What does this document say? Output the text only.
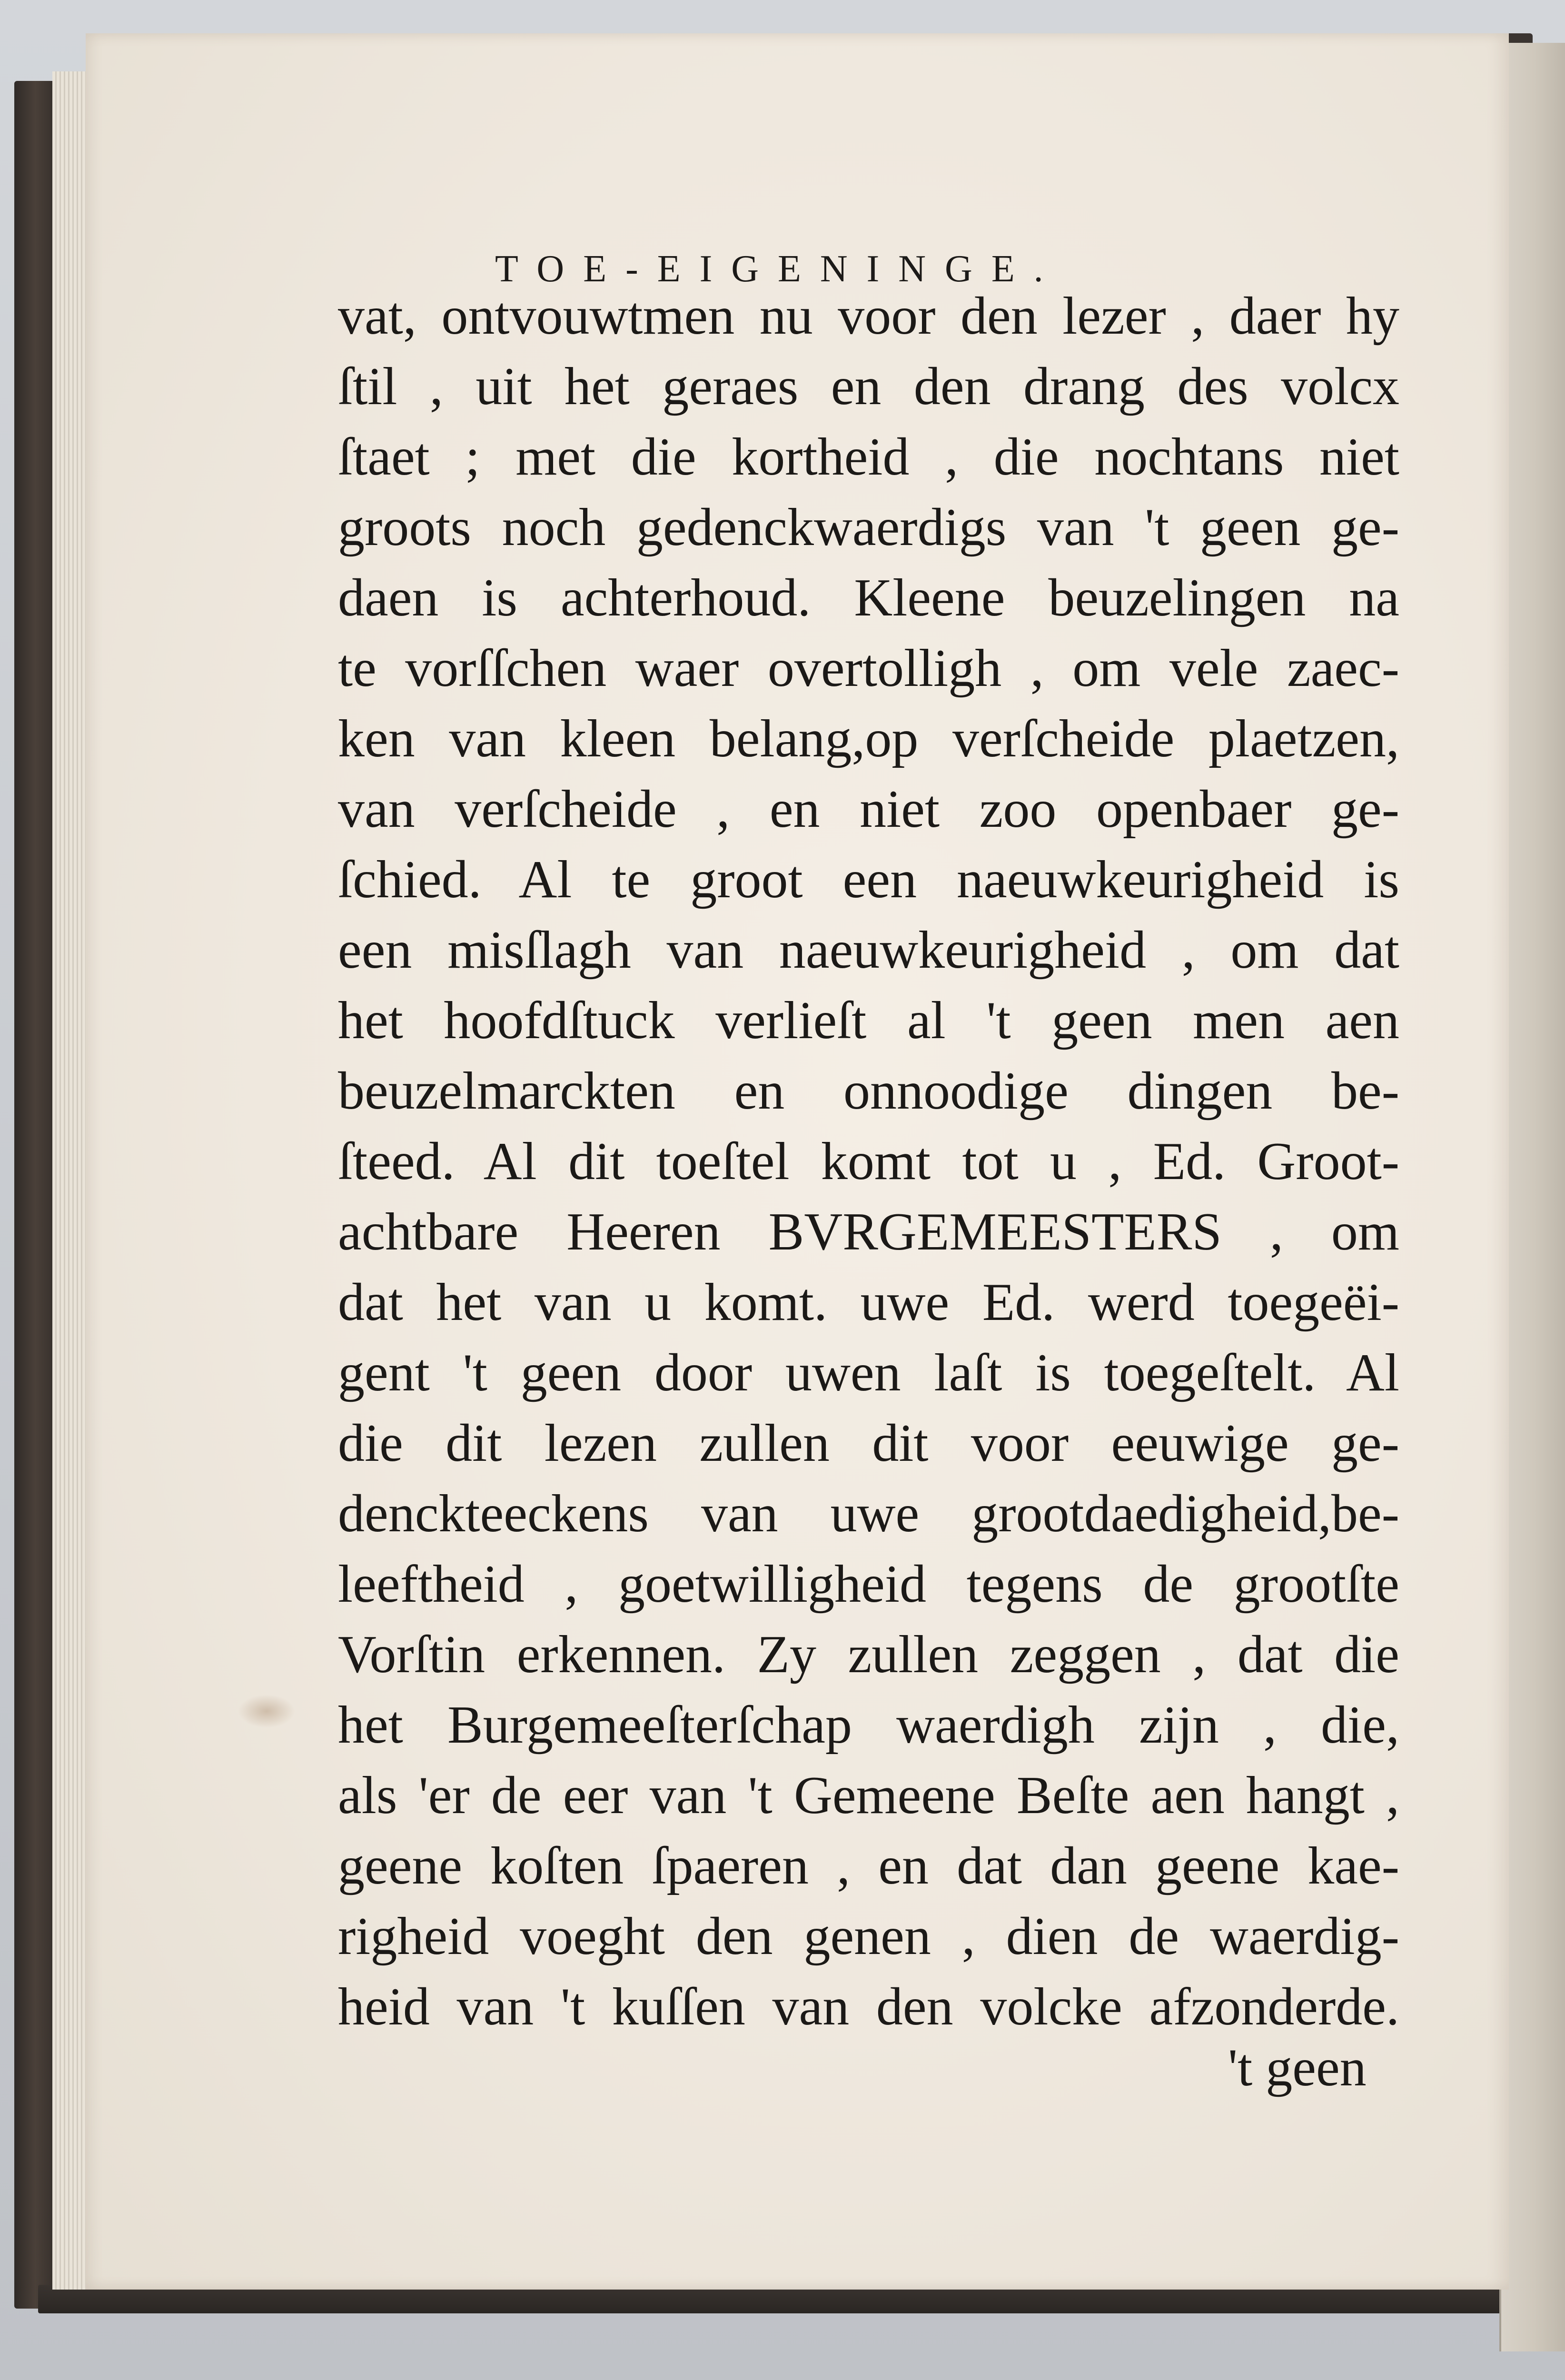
TOE-EIGENINGE.
vat, ontvouwtmen nu voor den lezer , daer hy
ſtil , uit het geraes en den drang des volcx
ſtaet ; met die kortheid , die nochtans niet
groots noch gedenckwaerdigs van 't geen ge-
daen is achterhoud. Kleene beuzelingen na
te vorſſchen waer overtolligh , om vele zaec-
ken van kleen belang,op verſcheide plaetzen,
van verſcheide , en niet zoo openbaer ge-
ſchied. Al te groot een naeuwkeurigheid is
een misſlagh van naeuwkeurigheid , om dat
het hoofdſtuck verlieſt al 't geen men aen
beuzelmarckten en onnoodige dingen be-
ſteed. Al dit toeſtel komt tot u , Ed. Groot-
achtbare Heeren BVRGEMEESTERS , om
dat het van u komt. uwe Ed. werd toegeëi-
gent 't geen door uwen laſt is toegeſtelt. Al
die dit lezen zullen dit voor eeuwige ge-
denckteeckens van uwe grootdaedigheid,be-
leeftheid , goetwilligheid tegens de grootſte
Vorſtin erkennen. Zy zullen zeggen , dat die
het Burgemeeſterſchap waerdigh zijn , die,
als 'er de eer van 't Gemeene Beſte aen hangt ,
geene koſten ſpaeren , en dat dan geene kae-
righeid voeght den genen , dien de waerdig-
heid van 't kuſſen van den volcke afzonderde.
't geen
